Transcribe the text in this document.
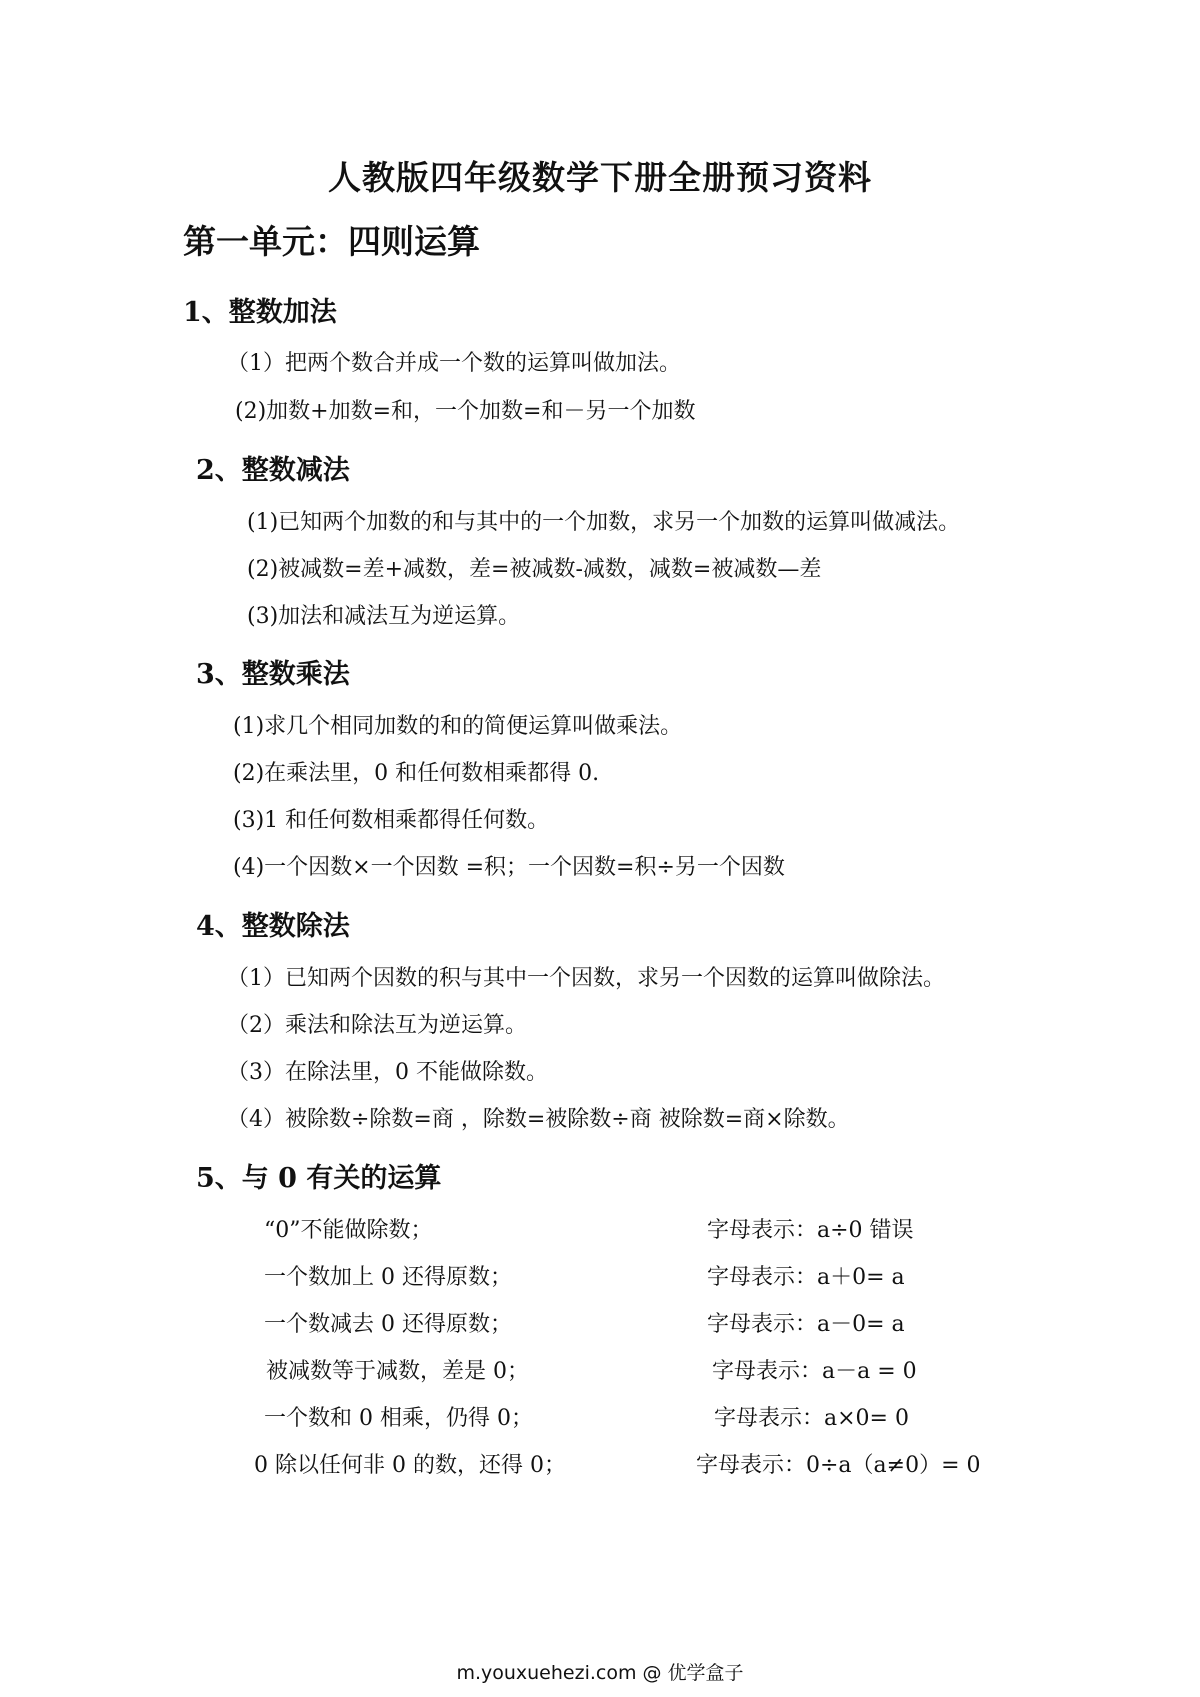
人教版四年级数学下册全册预习资料
第一单元：四则运算
1、整数加法
（1）把两个数合并成一个数的运算叫做加法。
(2)加数+加数=和，一个加数=和－另一个加数
2、整数减法
(1)已知两个加数的和与其中的一个加数，求另一个加数的运算叫做减法。
(2)被减数=差+减数，差=被减数-减数，减数=被减数—差
(3)加法和减法互为逆运算。
3、整数乘法
(1)求几个相同加数的和的简便运算叫做乘法。
(2)在乘法里，0 和任何数相乘都得 0.
(3)1 和任何数相乘都得任何数。
(4)一个因数×一个因数 =积；一个因数=积÷另一个因数
4、整数除法
（1）已知两个因数的积与其中一个因数，求另一个因数的运算叫做除法。
（2）乘法和除法互为逆运算。
（3）在除法里，0 不能做除数。
（4）被除数÷除数=商 ，除数=被除数÷商 被除数=商×除数。
5、与 0 有关的运算
“0”不能做除数；	字母表示：a÷0 错误
一个数加上 0 还得原数；	字母表示：a＋0= a
一个数减去 0 还得原数；	字母表示：a－0= a
被减数等于减数，差是 0；	字母表示：a－a = 0
一个数和 0 相乘，仍得 0；	字母表示：a×0= 0
0 除以任何非 0 的数，还得 0；	字母表示：0÷a（a≠0）= 0
m.youxuehezi.com @ 优学盒子
